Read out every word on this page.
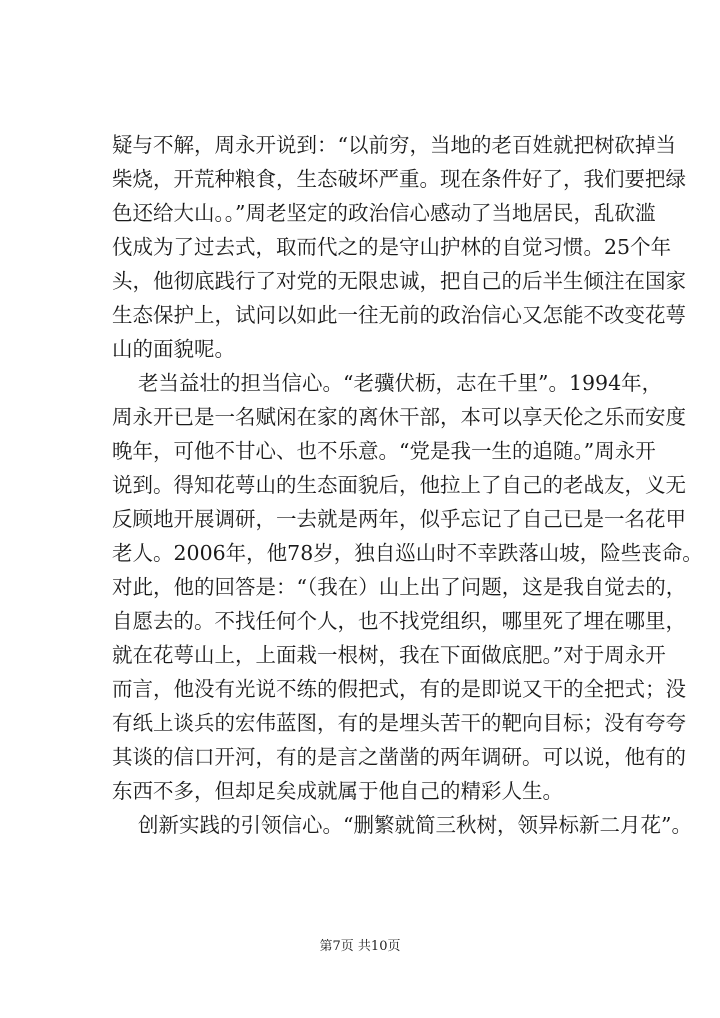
疑与不解，周永开说到：“以前穷，当地的老百姓就把树砍掉当
柴烧，开荒种粮食，生态破坏严重。现在条件好了，我们要把绿
色还给大山。。”周老坚定的政治信心感动了当地居民，乱砍滥
伐成为了过去式，取而代之的是守山护林的自觉习惯。25个年
头，他彻底践行了对党的无限忠诚，把自己的后半生倾注在国家
生态保护上，试问以如此一往无前的政治信心又怎能不改变花萼
山的面貌呢。
老当益壮的担当信心。“老骥伏枥，志在千里”。1994年，
周永开已是一名赋闲在家的离休干部，本可以享天伦之乐而安度
晚年，可他不甘心、也不乐意。“党是我一生的追随。”周永开
说到。得知花萼山的生态面貌后，他拉上了自己的老战友，义无
反顾地开展调研，一去就是两年，似乎忘记了自己已是一名花甲
老人。2006年，他78岁，独自巡山时不幸跌落山坡，险些丧命。
对此，他的回答是：“（我在）山上出了问题，这是我自觉去的，
自愿去的。不找任何个人，也不找党组织，哪里死了埋在哪里，
就在花萼山上，上面栽一根树，我在下面做底肥。”对于周永开
而言，他没有光说不练的假把式，有的是即说又干的全把式；没
有纸上谈兵的宏伟蓝图，有的是埋头苦干的靶向目标；没有夸夸
其谈的信口开河，有的是言之凿凿的两年调研。可以说，他有的
东西不多，但却足矣成就属于他自己的精彩人生。
创新实践的引领信心。“删繁就简三秋树，领异标新二月花”。
第7页 共10页
